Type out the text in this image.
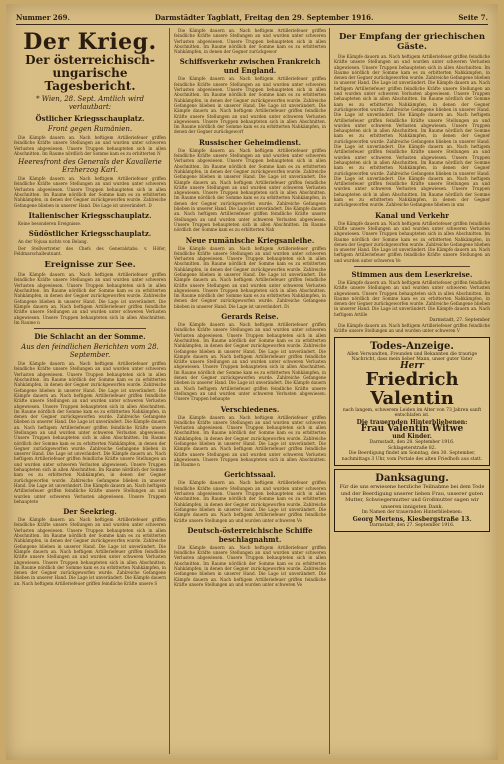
Nummer 269.	Darmstädter Tagblatt, Freitag den 29. September 1916.	Seite 7.
Der Krieg.
Der österreichisch-ungarische
Tagesbericht.
* Wien, 28. Sept. Amtlich wird verlautbart:
Östlicher Kriegsschauplatz.
Front gegen Rumänien.

Die Kämpfe dauern an. Nach heftigem Artilleriefeuer griffen feindliche Kräfte unsere Stellungen an und wurden unter schweren Verlusten abgewiesen. Unsere Truppen behaupteten sich in allen Abschnitten. Im Raume nördlich der Somme kam es zu erbitterten N

Heeresfront des Generals der Kavallerie Erzherzog Karl.

Die Kämpfe dauern an. Nach heftigem Artilleriefeuer griffen feindliche Kräfte unsere Stellungen an und wurden unter schweren Verlusten abgewiesen. Unsere Truppen behaupteten sich in allen Abschnitten. Im Raume nördlich der Somme kam es zu erbitterten Nahkämpfen, in denen der Gegner zurückgeworfen wurde. Zahlreiche Gefangene blieben in unserer Hand. Die Lage ist unverändert. D

Italienischer Kriegsschauplatz.

Keine besonderen Ereignisse.

Südöstlicher Kriegsschauplatz.

An der Vojusa nichts von Belang.

Der Stellvertreter des Chefs des Generalstabs: v. Höfer, Feldmarschalleutnant.

Ereignisse zur See.

Die Kämpfe dauern an. Nach heftigem Artilleriefeuer griffen feindliche Kräfte unsere Stellungen an und wurden unter schweren Verlusten abgewiesen. Unsere Truppen behaupteten sich in allen Abschnitten. Im Raume nördlich der Somme kam es zu erbitterten Nahkämpfen, in denen der Gegner zurückgeworfen wurde. Zahlreiche Gefangene blieben in unserer Hand. Die Lage ist unverändert. Die Kämpfe dauern an. Nach heftigem Artilleriefeuer griffen feindliche Kräfte unsere Stellungen an und wurden unter schweren Verlusten abgewiesen. Unsere Truppen behaupteten sich in allen Abschnitten. Im Raume n

Die Schlacht an der Somme.
Aus den feindlichen Berichten vom 28. September.

Die Kämpfe dauern an. Nach heftigem Artilleriefeuer griffen feindliche Kräfte unsere Stellungen an und wurden unter schweren Verlusten abgewiesen. Unsere Truppen behaupteten sich in allen Abschnitten. Im Raume nördlich der Somme kam es zu erbitterten Nahkämpfen, in denen der Gegner zurückgeworfen wurde. Zahlreiche Gefangene blieben in unserer Hand. Die Lage ist unverändert. Die Kämpfe dauern an. Nach heftigem Artilleriefeuer griffen feindliche Kräfte unsere Stellungen an und wurden unter schweren Verlusten abgewiesen. Unsere Truppen behaupteten sich in allen Abschnitten. Im Raume nördlich der Somme kam es zu erbitterten Nahkämpfen, in denen der Gegner zurückgeworfen wurde. Zahlreiche Gefangene blieben in unserer Hand. Die Lage ist unverändert. Die Kämpfe dauern an. Nach heftigem Artilleriefeuer griffen feindliche Kräfte unsere Stellungen an und wurden unter schweren Verlusten abgewiesen. Unsere Truppen behaupteten sich in allen Abschnitten. Im Raume nördlich der Somme kam es zu erbitterten Nahkämpfen, in denen der Gegner zurückgeworfen wurde. Zahlreiche Gefangene blieben in unserer Hand. Die Lage ist unverändert. Die Kämpfe dauern an. Nach heftigem Artilleriefeuer griffen feindliche Kräfte unsere Stellungen an und wurden unter schweren Verlusten abgewiesen. Unsere Truppen behaupteten sich in allen Abschnitten. Im Raume nördlich der Somme kam es zu erbitterten Nahkämpfen, in denen der Gegner zurückgeworfen wurde. Zahlreiche Gefangene blieben in unserer Hand. Die Lage ist unverändert. Die Kämpfe dauern an. Nach heftigem Artilleriefeuer griffen feindliche Kräfte unsere Stellungen an und wurden unter schweren Verlusten abgewiesen. Unsere Truppen behauptete

Der Seekrieg.

Die Kämpfe dauern an. Nach heftigem Artilleriefeuer griffen feindliche Kräfte unsere Stellungen an und wurden unter schweren Verlusten abgewiesen. Unsere Truppen behaupteten sich in allen Abschnitten. Im Raume nördlich der Somme kam es zu erbitterten Nahkämpfen, in denen der Gegner zurückgeworfen wurde. Zahlreiche Gefangene blieben in unserer Hand. Die Lage ist unverändert. Die Kämpfe dauern an. Nach heftigem Artilleriefeuer griffen feindliche Kräfte unsere Stellungen an und wurden unter schweren Verlusten abgewiesen. Unsere Truppen behaupteten sich in allen Abschnitten. Im Raume nördlich der Somme kam es zu erbitterten Nahkämpfen, in denen der Gegner zurückgeworfen wurde. Zahlreiche Gefangene blieben in unserer Hand. Die Lage ist unverändert. Die Kämpfe dauern an. Nach heftigem Artilleriefeuer griffen feindliche Kräfte unsere S

Die Kämpfe dauern an. Nach heftigem Artilleriefeuer griffen feindliche Kräfte unsere Stellungen an und wurden unter schweren Verlusten abgewiesen. Unsere Truppen behaupteten sich in allen Abschnitten. Im Raume nördlich der Somme kam es zu erbitterten Nahkämpfen, in denen der Gegner zurückgewor

Schiffsverkehr zwischen Frankreich und England.

Die Kämpfe dauern an. Nach heftigem Artilleriefeuer griffen feindliche Kräfte unsere Stellungen an und wurden unter schweren Verlusten abgewiesen. Unsere Truppen behaupteten sich in allen Abschnitten. Im Raume nördlich der Somme kam es zu erbitterten Nahkämpfen, in denen der Gegner zurückgeworfen wurde. Zahlreiche Gefangene blieben in unserer Hand. Die Lage ist unverändert. Die Kämpfe dauern an. Nach heftigem Artilleriefeuer griffen feindliche Kräfte unsere Stellungen an und wurden unter schweren Verlusten abgewiesen. Unsere Truppen behaupteten sich in allen Abschnitten. Im Raume nördlich der Somme kam es zu erbitterten Nahkämpfen, in denen der Gegner zurückgeworf

Russischer Geheimdienst.

Die Kämpfe dauern an. Nach heftigem Artilleriefeuer griffen feindliche Kräfte unsere Stellungen an und wurden unter schweren Verlusten abgewiesen. Unsere Truppen behaupteten sich in allen Abschnitten. Im Raume nördlich der Somme kam es zu erbitterten Nahkämpfen, in denen der Gegner zurückgeworfen wurde. Zahlreiche Gefangene blieben in unserer Hand. Die Lage ist unverändert. Die Kämpfe dauern an. Nach heftigem Artilleriefeuer griffen feindliche Kräfte unsere Stellungen an und wurden unter schweren Verlusten abgewiesen. Unsere Truppen behaupteten sich in allen Abschnitten. Im Raume nördlich der Somme kam es zu erbitterten Nahkämpfen, in denen der Gegner zurückgeworfen wurde. Zahlreiche Gefangene blieben in unserer Hand. Die Lage ist unverändert. Die Kämpfe dauern an. Nach heftigem Artilleriefeuer griffen feindliche Kräfte unsere Stellungen an und wurden unter schweren Verlusten abgewiesen. Unsere Truppen behaupteten sich in allen Abschnitten. Im Raume nördlich der Somme kam es zu erbitterten Nah

Neue rumänische Kriegsanleihe.

Die Kämpfe dauern an. Nach heftigem Artilleriefeuer griffen feindliche Kräfte unsere Stellungen an und wurden unter schweren Verlusten abgewiesen. Unsere Truppen behaupteten sich in allen Abschnitten. Im Raume nördlich der Somme kam es zu erbitterten Nahkämpfen, in denen der Gegner zurückgeworfen wurde. Zahlreiche Gefangene blieben in unserer Hand. Die Lage ist unverändert. Die Kämpfe dauern an. Nach heftigem Artilleriefeuer griffen feindliche Kräfte unsere Stellungen an und wurden unter schweren Verlusten abgewiesen. Unsere Truppen behaupteten sich in allen Abschnitten. Im Raume nördlich der Somme kam es zu erbitterten Nahkämpfen, in denen der Gegner zurückgeworfen wurde. Zahlreiche Gefangene blieben in unserer Hand. Die Lage ist unverändert. Di

Gerards Reise.

Die Kämpfe dauern an. Nach heftigem Artilleriefeuer griffen feindliche Kräfte unsere Stellungen an und wurden unter schweren Verlusten abgewiesen. Unsere Truppen behaupteten sich in allen Abschnitten. Im Raume nördlich der Somme kam es zu erbitterten Nahkämpfen, in denen der Gegner zurückgeworfen wurde. Zahlreiche Gefangene blieben in unserer Hand. Die Lage ist unverändert. Die Kämpfe dauern an. Nach heftigem Artilleriefeuer griffen feindliche Kräfte unsere Stellungen an und wurden unter schweren Verlusten abgewiesen. Unsere Truppen behaupteten sich in allen Abschnitten. Im Raume nördlich der Somme kam es zu erbitterten Nahkämpfen, in denen der Gegner zurückgeworfen wurde. Zahlreiche Gefangene blieben in unserer Hand. Die Lage ist unverändert. Die Kämpfe dauern an. Nach heftigem Artilleriefeuer griffen feindliche Kräfte unsere Stellungen an und wurden unter schweren Verlusten abgewiesen. Unsere Truppen behaupte

Verschiedenes.

Die Kämpfe dauern an. Nach heftigem Artilleriefeuer griffen feindliche Kräfte unsere Stellungen an und wurden unter schweren Verlusten abgewiesen. Unsere Truppen behaupteten sich in allen Abschnitten. Im Raume nördlich der Somme kam es zu erbitterten Nahkämpfen, in denen der Gegner zurückgeworfen wurde. Zahlreiche Gefangene blieben in unserer Hand. Die Lage ist unverändert. Die Kämpfe dauern an. Nach heftigem Artilleriefeuer griffen feindliche Kräfte unsere Stellungen an und wurden unter schweren Verlusten abgewiesen. Unsere Truppen behaupteten sich in allen Abschnitten. Im Raume n

Gerichtssaal.

Die Kämpfe dauern an. Nach heftigem Artilleriefeuer griffen feindliche Kräfte unsere Stellungen an und wurden unter schweren Verlusten abgewiesen. Unsere Truppen behaupteten sich in allen Abschnitten. Im Raume nördlich der Somme kam es zu erbitterten Nahkämpfen, in denen der Gegner zurückgeworfen wurde. Zahlreiche Gefangene blieben in unserer Hand. Die Lage ist unverändert. Die Kämpfe dauern an. Nach heftigem Artilleriefeuer griffen feindliche Kräfte unsere Stellungen an und wurden unter schweren Ve

Deutsch-österreichische Schiffe beschlagnahmt.

Die Kämpfe dauern an. Nach heftigem Artilleriefeuer griffen feindliche Kräfte unsere Stellungen an und wurden unter schweren Verlusten abgewiesen. Unsere Truppen behaupteten sich in allen Abschnitten. Im Raume nördlich der Somme kam es zu erbitterten Nahkämpfen, in denen der Gegner zurückgeworfen wurde. Zahlreiche Gefangene blieben in unserer Hand. Die Lage ist unverändert. Die Kämpfe dauern an. Nach heftigem Artilleriefeuer griffen feindliche Kräfte unsere Stellungen an und wurden unter schweren Ve

Der Empfang der griechischen Gäste.

Die Kämpfe dauern an. Nach heftigem Artilleriefeuer griffen feindliche Kräfte unsere Stellungen an und wurden unter schweren Verlusten abgewiesen. Unsere Truppen behaupteten sich in allen Abschnitten. Im Raume nördlich der Somme kam es zu erbitterten Nahkämpfen, in denen der Gegner zurückgeworfen wurde. Zahlreiche Gefangene blieben in unserer Hand. Die Lage ist unverändert. Die Kämpfe dauern an. Nach heftigem Artilleriefeuer griffen feindliche Kräfte unsere Stellungen an und wurden unter schweren Verlusten abgewiesen. Unsere Truppen behaupteten sich in allen Abschnitten. Im Raume nördlich der Somme kam es zu erbitterten Nahkämpfen, in denen der Gegner zurückgeworfen wurde. Zahlreiche Gefangene blieben in unserer Hand. Die Lage ist unverändert. Die Kämpfe dauern an. Nach heftigem Artilleriefeuer griffen feindliche Kräfte unsere Stellungen an und wurden unter schweren Verlusten abgewiesen. Unsere Truppen behaupteten sich in allen Abschnitten. Im Raume nördlich der Somme kam es zu erbitterten Nahkämpfen, in denen der Gegner zurückgeworfen wurde. Zahlreiche Gefangene blieben in unserer Hand. Die Lage ist unverändert. Die Kämpfe dauern an. Nach heftigem Artilleriefeuer griffen feindliche Kräfte unsere Stellungen an und wurden unter schweren Verlusten abgewiesen. Unsere Truppen behaupteten sich in allen Abschnitten. Im Raume nördlich der Somme kam es zu erbitterten Nahkämpfen, in denen der Gegner zurückgeworfen wurde. Zahlreiche Gefangene blieben in unserer Hand. Die Lage ist unverändert. Die Kämpfe dauern an. Nach heftigem Artilleriefeuer griffen feindliche Kräfte unsere Stellungen an und wurden unter schweren Verlusten abgewiesen. Unsere Truppen behaupteten sich in allen Abschnitten. Im Raume nördlich der Somme kam es zu erbitterten Nahkämpfen, in denen der Gegner zurückgeworfen wurde. Zahlreiche Gefangene blieben in uns

Kanal und Verkehr

Die Kämpfe dauern an. Nach heftigem Artilleriefeuer griffen feindliche Kräfte unsere Stellungen an und wurden unter schweren Verlusten abgewiesen. Unsere Truppen behaupteten sich in allen Abschnitten. Im Raume nördlich der Somme kam es zu erbitterten Nahkämpfen, in denen der Gegner zurückgeworfen wurde. Zahlreiche Gefangene blieben in unserer Hand. Die Lage ist unverändert. Die Kämpfe dauern an. Nach heftigem Artilleriefeuer griffen feindliche Kräfte unsere Stellungen an und wurden unter schweren Ve

Stimmen aus dem Leserkreise.

Die Kämpfe dauern an. Nach heftigem Artilleriefeuer griffen feindliche Kräfte unsere Stellungen an und wurden unter schweren Verlusten abgewiesen. Unsere Truppen behaupteten sich in allen Abschnitten. Im Raume nördlich der Somme kam es zu erbitterten Nahkämpfen, in denen der Gegner zurückgeworfen wurde. Zahlreiche Gefangene blieben in unserer Hand. Die Lage ist unverändert. Die Kämpfe dauern an. Nach heftigem Artille

Darmstadt, 27. September

Die Kämpfe dauern an. Nach heftigem Artilleriefeuer griffen feindliche Kräfte unsere Stellungen an und wurden unter schweren V

Todes-Anzeige.
Allen Verwandten, Freunden und Bekannten die traurige Nachricht, dass mein lieber Mann, unser guter Vater
Herr
Friedrich Valentin
nach langem, schwerem Leiden im Alter von 73 Jahren sanft entschlafen ist.
Die trauernden Hinterbliebenen:
Frau Valentin Witwe
und Kinder.
Darmstadt, den 28. September 1916.
Schlageterstraße 82.
Die Beerdigung findet am Sonntag, den 30. September, nachmittags 3 Uhr, vom Portale des alten Friedhofs aus statt.
Danksagung.
Für die uns erwiesene herzliche Teilnahme bei dem Tode und der Beerdigung unserer lieben Frau, unserer guten Mutter, Schwiegermutter und Großmutter sagen wir unseren innigsten Dank.
Im Namen der trauernden Hinterbliebenen:
Georg Mertens, Kiesbergstraße 13.
Darmstadt, den 27. September 1916.
